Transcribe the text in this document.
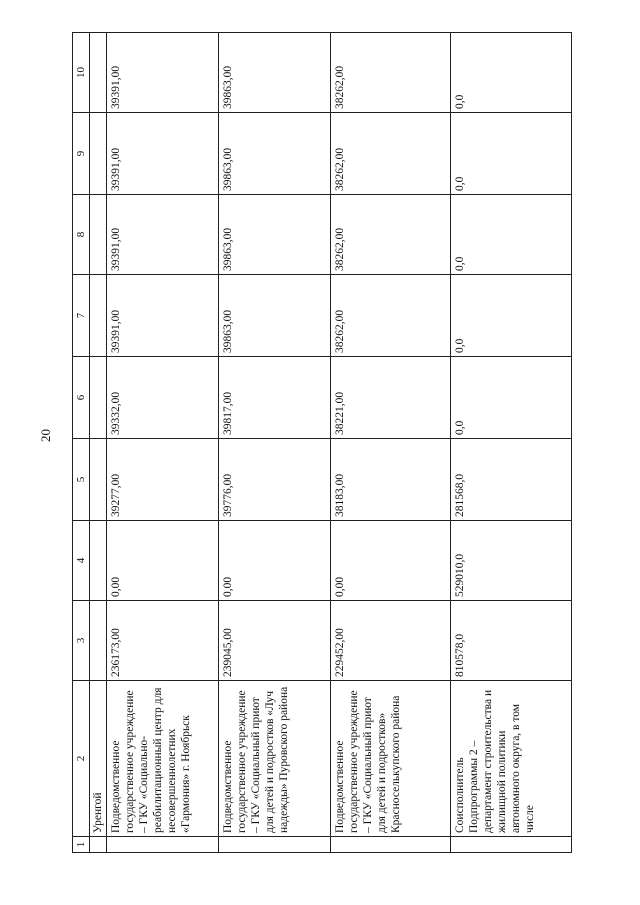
20
1	2	3	4	5	6	7	8	9	10
	Уренгой								
	Подведомственное государственное учреждение – ГКУ «Социально-реабилитационный центр для несовершеннолетних «Гармония» г. Ноябрьск	236173,00	0,00	39277,00	39332,00	39391,00	39391,00	39391,00	39391,00
	Подведомственное государственное учреждение – ГКУ «Социальный приют для детей и подростков «Луч надежды» Пуровского района	239045,00	0,00	39776,00	39817,00	39863,00	39863,00	39863,00	39863,00
	Подведомственное государственное учреждение – ГКУ «Социальный приют для детей и подростков» Красноселькупского района	229452,00	0,00	38183,00	38221,00	38262,00	38262,00	38262,00	38262,00
	Соисполнитель Подпрограммы 2 – департамент строительства и жилищной политики автономного округа, в том числе	810578,0	529010,0	281568,0	0,0	0,0	0,0	0,0	0,0
